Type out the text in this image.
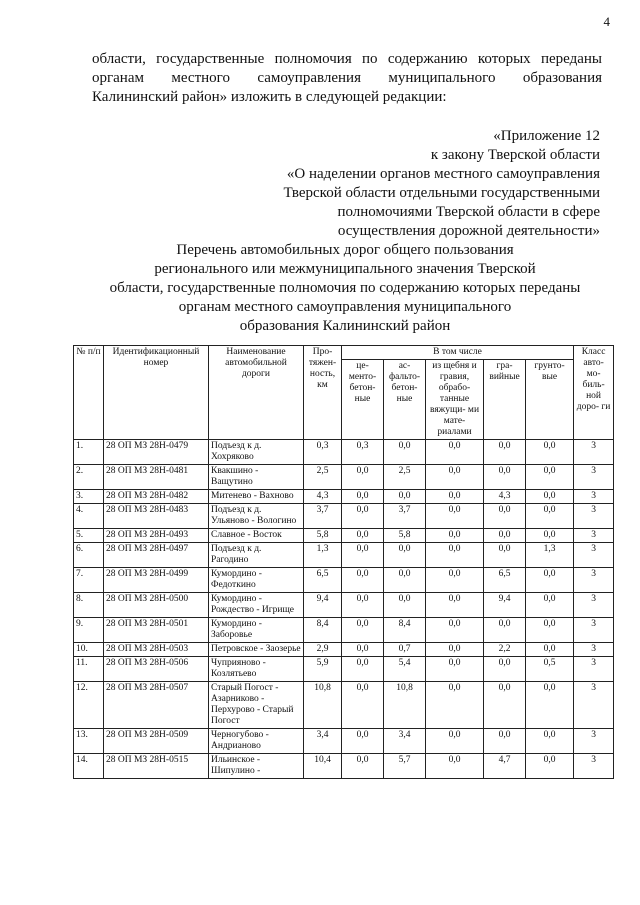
4
области, государственные полномочия по содержанию которых переданы органам местного самоуправления муниципального образования
Калининский район» изложить в следующей редакции:
«Приложение 12
к закону Тверской области
«О наделении органов местного самоуправления
Тверской области отдельными государственными
полномочиями Тверской области в сфере
осуществления дорожной деятельности»
Перечень автомобильных дорог общего пользования
регионального или межмуниципального значения Тверской
области, государственные полномочия по содержанию которых переданы
органам местного самоуправления муниципального
образования Калининский район
№ п/п	Идентификационный номер	Наименование автомобильной дороги	Про- тяжен- ность, км	В том числе					Класс авто- мо- биль- ной доро- ги
				це- менто- бетон- ные	ас- фальто- бетон- ные	из щебня и гравия, обрабо- танные вяжущи- ми мате- риалами	гра- вийные	грунто- вые	
1.	28 ОП МЗ 28Н-0479	Подъезд к д. Хохряково	0,3	0,3	0,0	0,0	0,0	0,0	3
2.	28 ОП МЗ 28Н-0481	Квакшино - Ващутино	2,5	0,0	2,5	0,0	0,0	0,0	3
3.	28 ОП МЗ 28Н-0482	Митенево - Вахново	4,3	0,0	0,0	0,0	4,3	0,0	3
4.	28 ОП МЗ 28Н-0483	Подъезд к д. Ульяново - Вологино	3,7	0,0	3,7	0,0	0,0	0,0	3
5.	28 ОП МЗ 28Н-0493	Славное - Восток	5,8	0,0	5,8	0,0	0,0	0,0	3
6.	28 ОП МЗ 28Н-0497	Подъезд к д. Рагодино	1,3	0,0	0,0	0,0	0,0	1,3	3
7.	28 ОП МЗ 28Н-0499	Кумордино - Федоткино	6,5	0,0	0,0	0,0	6,5	0,0	3
8.	28 ОП МЗ 28Н-0500	Кумордино - Рождество - Игрище	9,4	0,0	0,0	0,0	9,4	0,0	3
9.	28 ОП МЗ 28Н-0501	Кумордино - Заборовье	8,4	0,0	8,4	0,0	0,0	0,0	3
10.	28 ОП МЗ 28Н-0503	Петровское - Заозерье	2,9	0,0	0,7	0,0	2,2	0,0	3
11.	28 ОП МЗ 28Н-0506	Чуприяново - Козлятьево	5,9	0,0	5,4	0,0	0,0	0,5	3
12.	28 ОП МЗ 28Н-0507	Старый Погост - Азарниково - Перхурово - Старый Погост	10,8	0,0	10,8	0,0	0,0	0,0	3
13.	28 ОП МЗ 28Н-0509	Черногубово - Андрианово	3,4	0,0	3,4	0,0	0,0	0,0	3
14.	28 ОП МЗ 28Н-0515	Ильинское - Шипулино -	10,4	0,0	5,7	0,0	4,7	0,0	3
